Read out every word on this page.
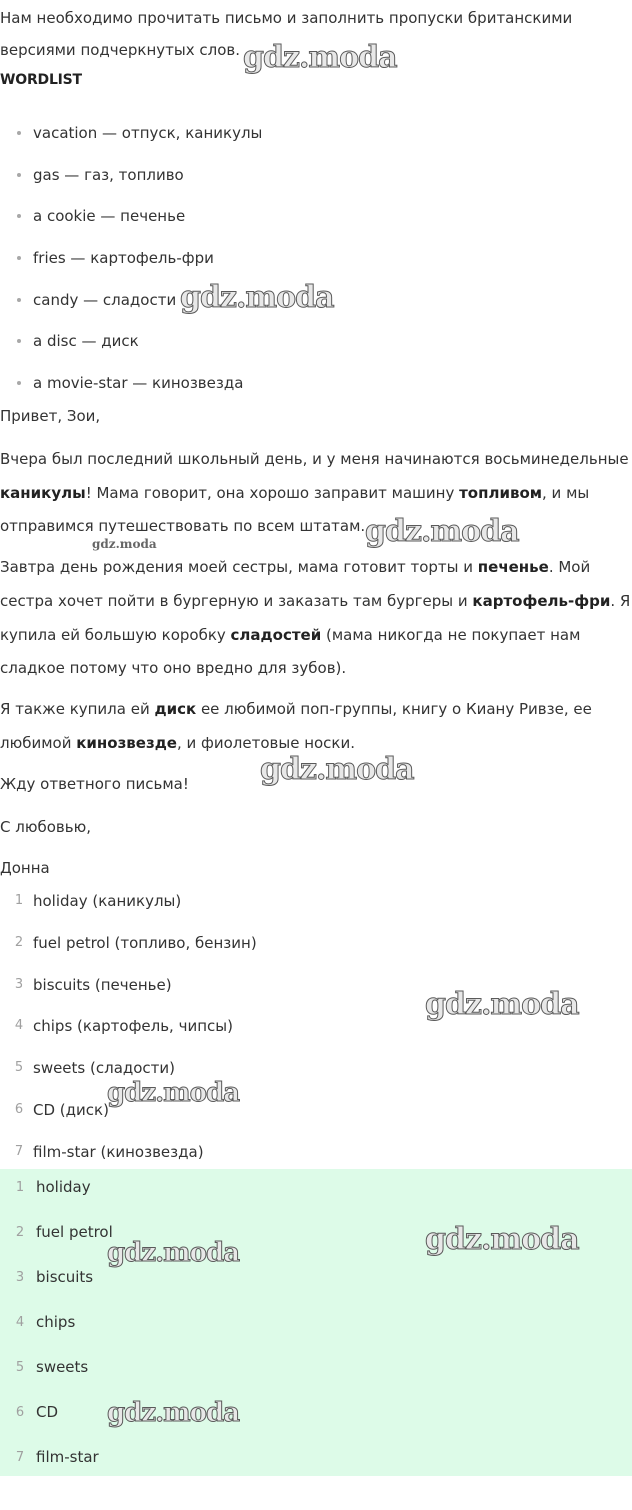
Нам необходимо прочитать письмо и заполнить пропуски британскими

версиями подчеркнутых слов.

WORDLIST
vacation — отпуск, каникулы
gas — газ, топливо
a cookie — печенье
fries — картофель-фри
candy — сладости
a disc — диск
a movie-star — кинозвезда

Привет, Зои,

Вчера был последний школьный день, и у меня начинаются восьминедельные

каникулы! Мама говорит, она хорошо заправит машину топливом, и мы

отправимся путешествовать по всем штатам.

Завтра день рождения моей сестры, мама готовит торты и печенье. Мой

сестра хочет пойти в бургерную и заказать там бургеры и картофель-фри. Я

купила ей большую коробку сладостей (мама никогда не покупает нам

сладкое потому что оно вредно для зубов).

Я также купила ей диск ее любимой поп-группы, книгу о Киану Ривзе, ее

любимой кинозвезде, и фиолетовые носки.

Жду ответного письма!

С любовью,

Донна

1 holiday (каникулы)
2 fuel petrol (топливо, бензин)
3 biscuits (печенье)
4 chips (картофель, чипсы)
5 sweets (сладости)
6 CD (диск)
7 film-star (кинозвезда)
1 holiday
2 fuel petrol
3 biscuits
4 chips
5 sweets
6 CD
7 film-star
gdz.moda
gdz.moda
gdz.moda
gdz.moda
gdz.moda
gdz.moda
gdz.moda
gdz.moda
gdz.moda
gdz.moda
